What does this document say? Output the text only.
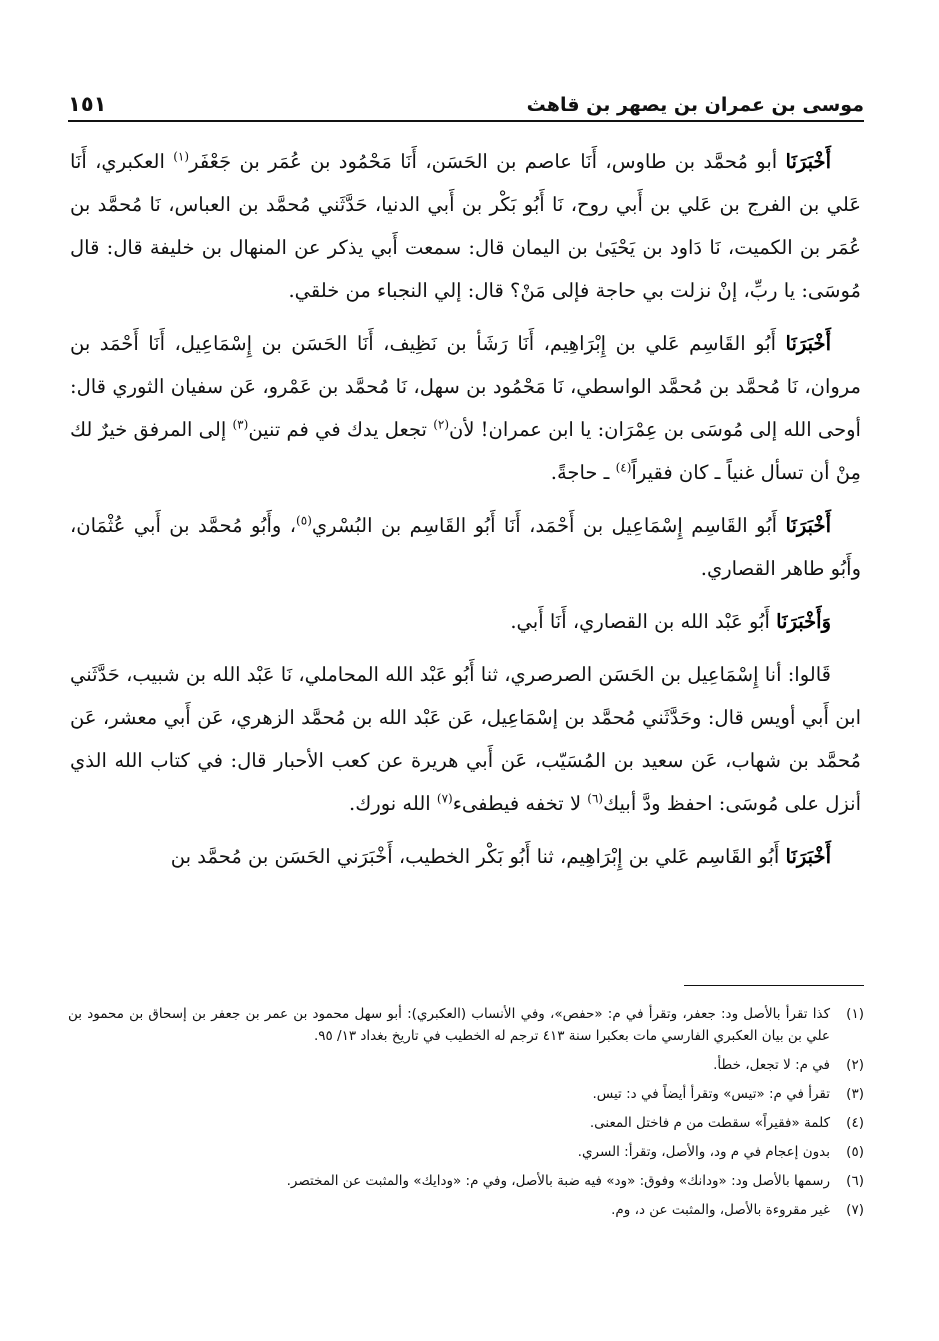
موسى بن عمران بن يصهر بن قاهث
١٥١

أَخْبَرَنَا أبو مُحمَّد بن طاوس، أَنَا عاصم بن الحَسَن، أَنَا مَحْمُود بن عُمَر بن جَعْفَر$^{(١)}$ العكبري، أَنَا عَلي بن الفرج بن عَلي بن أَبي روح، نَا أَبُو بَكْر بن أَبي الدنيا، حَدَّثَني مُحمَّد بن العباس، نَا مُحمَّد بن عُمَر بن الكميت، نَا دَاود بن يَحْيَىٰ بن اليمان قال: سمعت أَبي يذكر عن المنهال بن خليفة قال: قال مُوسَى: يا ربِّ، إنْ نزلت بي حاجة فإلى مَنْ؟ قال: إلي النجباء من خلقي.

أَخْبَرَنَا أَبُو القَاسِم عَلي بن إِبْرَاهِيم، أَنَا رَشَأ بن نَظِيف، أَنَا الحَسَن بن إِسْمَاعِيل، أَنَا أَحْمَد بن مروان، نَا مُحمَّد بن مُحمَّد الواسطي، نَا مَحْمُود بن سهل، نَا مُحمَّد بن عَمْرو، عَن سفيان الثوري قال: أوحى الله إلى مُوسَى بن عِمْرَان: يا ابن عمران! لأن$^{(٢)}$ تجعل يدك في فم تنين$^{(٣)}$ إلى المرفق خيرٌ لك مِنْ أن تسأل غنياً ـ كان فقيراً$^{(٤)}$ ـ حاجةً.

أَخْبَرَنَا أَبُو القَاسِم إِسْمَاعِيل بن أَحْمَد، أَنَا أَبُو القَاسِم بن البُسْري$^{(٥)}$، وأَبُو مُحمَّد بن أَبي عُثْمَان، وأَبُو طاهر القصاري.

وَأَخْبَرَنَا أَبُو عَبْد الله بن القصاري، أَنَا أَبي.

قَالوا: أنا إِسْمَاعِيل بن الحَسَن الصرصري، ثنا أَبُو عَبْد الله المحاملي، نَا عَبْد الله بن شبيب، حَدَّثَني ابن أَبي أويس قال: وحَدَّثَني مُحمَّد بن إسْمَاعِيل، عَن عَبْد الله بن مُحمَّد الزهري، عَن أَبي معشر، عَن مُحمَّد بن شهاب، عَن سعيد بن المُسَيّب، عَن أَبي هريرة عن كعب الأحبار قال: في كتاب الله الذي أنزل على مُوسَى: احفظ ودَّ أبيك$^{(٦)}$ لا تخفه فيطفىء$^{(٧)}$ الله نورك.

أَخْبَرَنَا أَبُو القَاسِم عَلي بن إِبْرَاهِيم، ثنا أَبُو بَكْر الخطيب، أَخْبَرَني الحَسَن بن مُحمَّد بن

(١)
كذا تقرأ بالأصل ود: جعفر، وتقرأ في م: «حفص»، وفي الأنساب (العكبري): أبو سهل محمود بن عمر بن جعفر بن إسحاق بن محمود بن علي بن بيان العكبري الفارسي مات بعكبرا سنة ٤١٣ ترجم له الخطيب في تاريخ بغداد ١٣/ ٩٥.
(٢)
في م: لا تجعل، خطأ.
(٣)
تقرأ في م: «تيس» وتقرأ أيضاً في د: تيس.
(٤)
كلمة «فقيراً» سقطت من م فاختل المعنى.
(٥)
بدون إعجام في م ود، والأصل، وتقرأ: السري.
(٦)
رسمها بالأصل ود: «ودانك» وفوق: «ود» فيه ضبة بالأصل، وفي م: «ودايك» والمثبت عن المختصر.
(٧)
غير مقروءة بالأصل، والمثبت عن د، وم.
